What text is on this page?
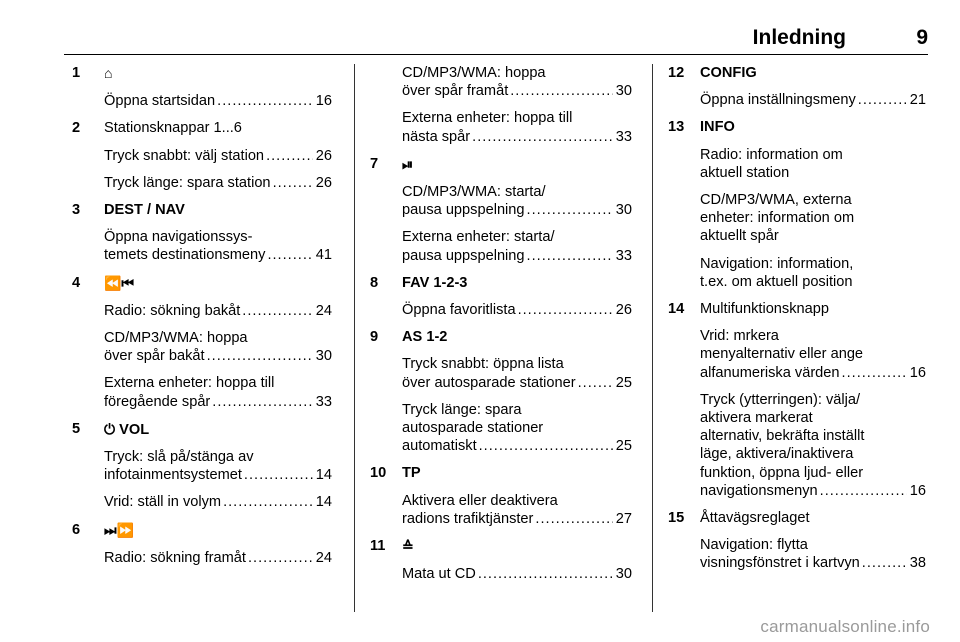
Inledning	9
1 ⌂
Öppna startsidan .....	16
2 Stationsknappar 1...6
Tryck snabbt: välj station .....	26
Tryck länge: spara station .....	26
3 DEST / NAV
Öppna navigationssys-
temets destinationsmeny .....	41
4 ⏪⏮
Radio: sökning bakåt .....	24
CD/MP3/WMA: hoppa
över spår bakåt .....	30
Externa enheter: hoppa till
föregående spår .....	33
5 ⏻ VOL
Tryck: slå på/stänga av
infotainmentsystemet .....	14
Vrid: ställ in volym .....	14
6 ⏭⏩
Radio: sökning framåt .....	24
CD/MP3/WMA: hoppa
över spår framåt .....	30
Externa enheter: hoppa till
nästa spår .....	33
7 ⏯
CD/MP3/WMA: starta/
pausa uppspelning .....	30
Externa enheter: starta/
pausa uppspelning .....	33
8 FAV 1-2-3
Öppna favoritlista .....	26
9 AS 1-2
Tryck snabbt: öppna lista
över autosparade stationer .....	25
Tryck länge: spara
autosparade stationer
automatiskt .....	25
10 TP
Aktivera eller deaktivera
radions trafiktjänster .....	27
11 ≙
Mata ut CD .....	30
12 CONFIG
Öppna inställningsmeny .....	21
13 INFO
Radio: information om
aktuell station
CD/MP3/WMA, externa
enheter: information om
aktuellt spår
Navigation: information,
t.ex. om aktuell position
14 Multifunktionsknapp
Vrid: mrkera
menyalternativ eller ange
alfanumeriska värden .....	16
Tryck (ytterringen): välja/
aktivera markerat
alternativ, bekräfta inställt
läge, aktivera/inaktivera
funktion, öppna ljud- eller
navigationsmenyn .....	16
15 Åttavägsreglaget
Navigation: flytta
visningsfönstret i kartvyn .....	38
carmanualsonline.info
